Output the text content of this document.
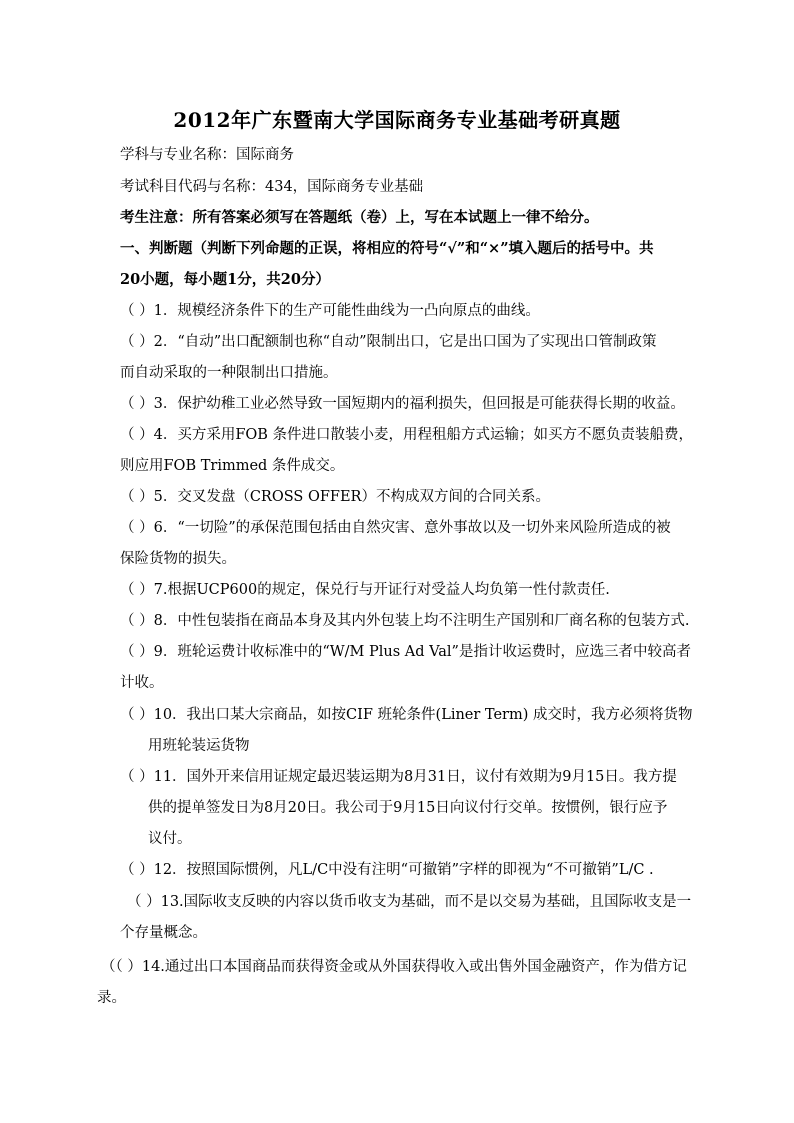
2012年广东暨南大学国际商务专业基础考研真题
学科与专业名称：国际商务
考试科目代码与名称：434，国际商务专业基础
考生注意：所有答案必须写在答题纸（卷）上，写在本试题上一律不给分。
一、判断题（判断下列命题的正误，将相应的符号“√”和“×”填入题后的括号中。共
20小题，每小题1分，共20分）
（ ）1．规模经济条件下的生产可能性曲线为一凸向原点的曲线。
（ ）2．“自动”出口配额制也称“自动”限制出口，它是出口国为了实现出口管制政策
而自动采取的一种限制出口措施。
（ ）3．保护幼稚工业必然导致一国短期内的福利损失，但回报是可能获得长期的收益。
（ ）4．买方采用FOB 条件进口散装小麦，用程租船方式运输；如买方不愿负责装船费，
则应用FOB Trimmed 条件成交。
（ ）5．交叉发盘（CROSS OFFER）不构成双方间的合同关系。
（ ）6．“一切险”的承保范围包括由自然灾害、意外事故以及一切外来风险所造成的被
保险货物的损失。
（ ）7.根据UCP600的规定，保兑行与开证行对受益人均负第一性付款责任.
（ ）8．中性包装指在商品本身及其内外包装上均不注明生产国别和厂商名称的包装方式.
（ ）9．班轮运费计收标准中的“W/M Plus Ad Val”是指计收运费时，应选三者中较高者
计收。
（ ）10．我出口某大宗商品，如按CIF 班轮条件(Liner Term) 成交时，我方必须将货物
用班轮装运货物
（ ）11．国外开来信用证规定最迟装运期为8月31日，议付有效期为9月15日。我方提
供的提单签发日为8月20日。我公司于9月15日向议付行交单。按惯例，银行应予
议付。
（ ）12．按照国际惯例，凡L/C中没有注明“可撤销”字样的即视为“不可撤销”L/C .
（ ）13.国际收支反映的内容以货币收支为基础，而不是以交易为基础，且国际收支是一
个存量概念。
（（ ）14.通过出口本国商品而获得资金或从外国获得收入或出售外国金融资产，作为借方记
录。
